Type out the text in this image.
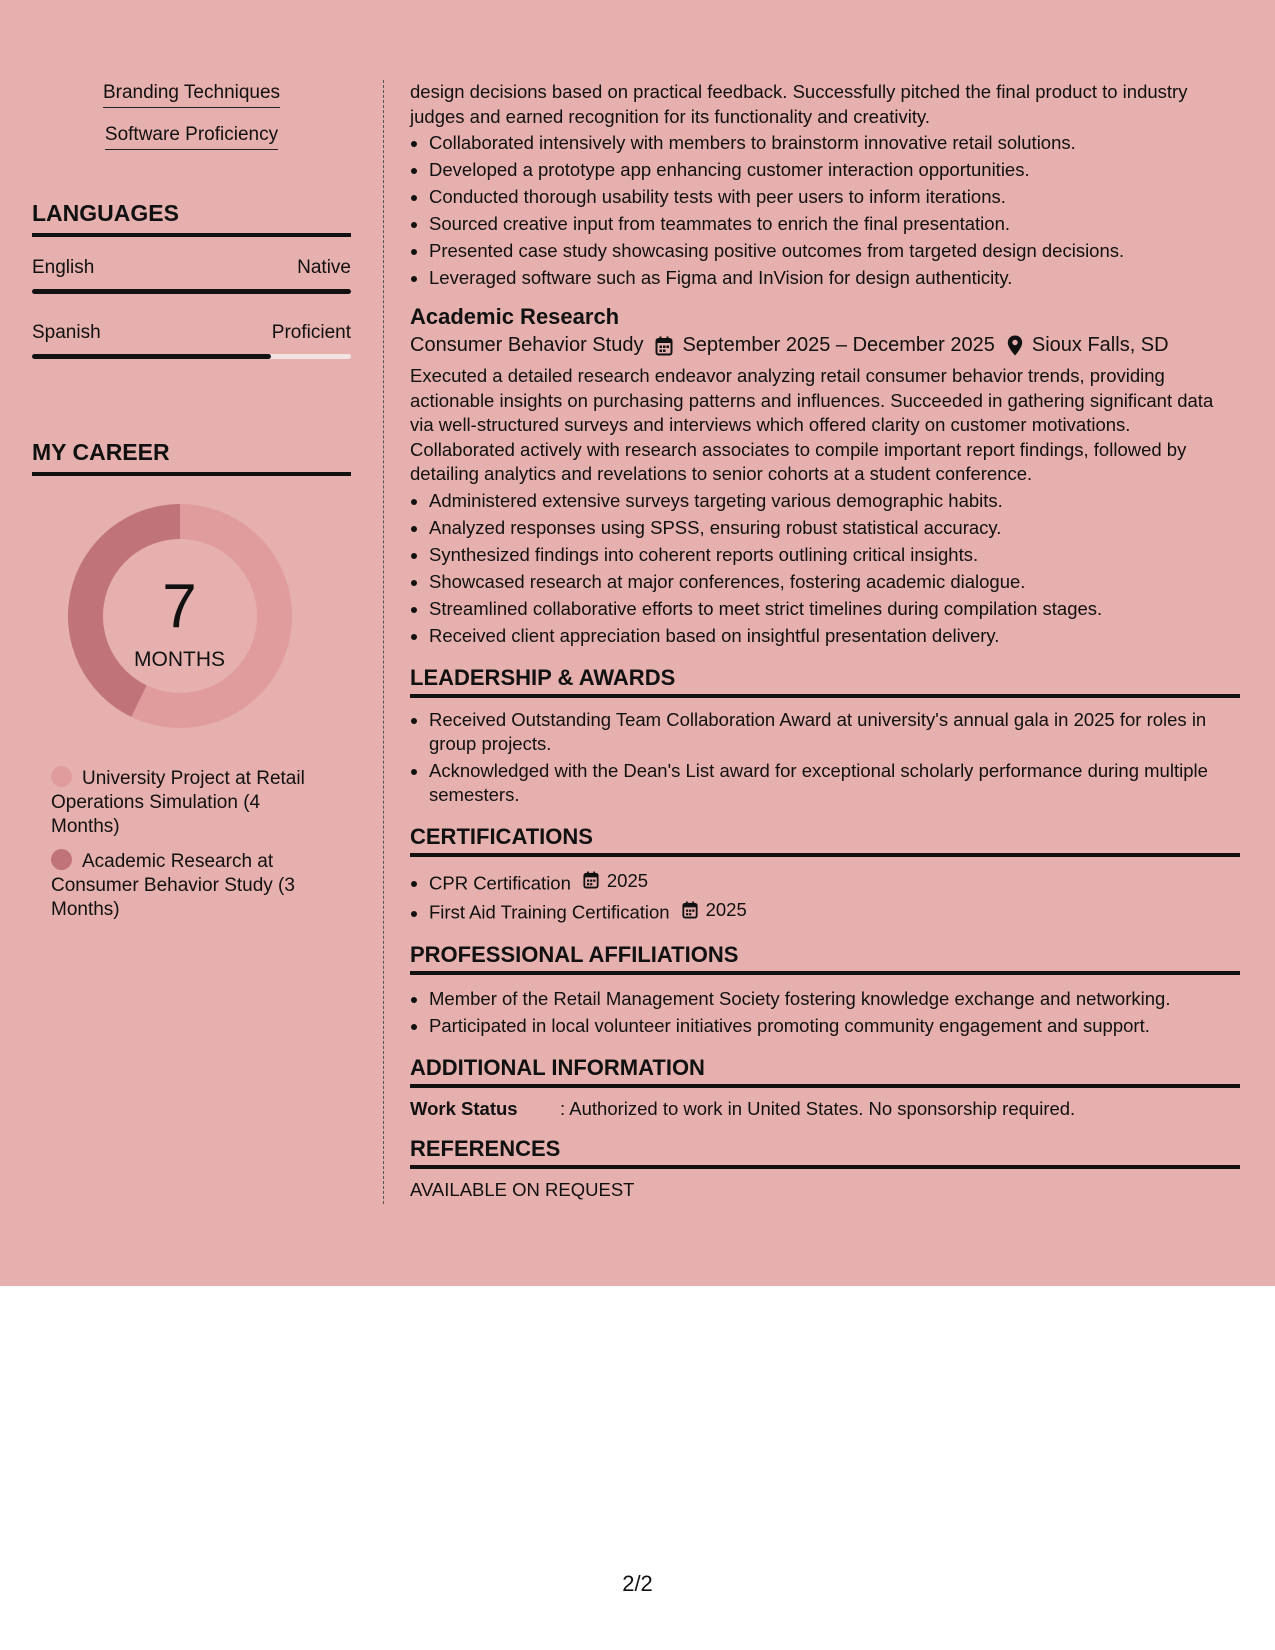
Branding Techniques
Software Proficiency
LANGUAGES
English	Native
Spanish	Proficient
MY CAREER
7
MONTHS
University Project at Retail Operations Simulation (4 Months)
Academic Research at Consumer Behavior Study (3 Months)

design decisions based on practical feedback. Successfully pitched the final product to industry judges and earned recognition for its functionality and creativity.

• Collaborated intensively with members to brainstorm innovative retail solutions.
• Developed a prototype app enhancing customer interaction opportunities.
• Conducted thorough usability tests with peer users to inform iterations.
• Sourced creative input from teammates to enrich the final presentation.
• Presented case study showcasing positive outcomes from targeted design decisions.
• Leveraged software such as Figma and InVision for design authenticity.
Academic Research
Consumer Behavior Study September 2025 – December 2025 Sioux Falls, SD

Executed a detailed research endeavor analyzing retail consumer behavior trends, providing actionable insights on purchasing patterns and influences. Succeeded in gathering significant data via well-structured surveys and interviews which offered clarity on customer motivations. Collaborated actively with research associates to compile important report findings, followed by detailing analytics and revelations to senior cohorts at a student conference.

• Administered extensive surveys targeting various demographic habits.
• Analyzed responses using SPSS, ensuring robust statistical accuracy.
• Synthesized findings into coherent reports outlining critical insights.
• Showcased research at major conferences, fostering academic dialogue.
• Streamlined collaborative efforts to meet strict timelines during compilation stages.
• Received client appreciation based on insightful presentation delivery.
LEADERSHIP & AWARDS
• Received Outstanding Team Collaboration Award at university's annual gala in 2025 for roles in group projects.
• Acknowledged with the Dean's List award for exceptional scholarly performance during multiple semesters.
CERTIFICATIONS
• CPR Certification 2025
• First Aid Training Certification 2025
PROFESSIONAL AFFILIATIONS
• Member of the Retail Management Society fostering knowledge exchange and networking.
• Participated in local volunteer initiatives promoting community engagement and support.
ADDITIONAL INFORMATION
Work Status	: Authorized to work in United States. No sponsorship required.
REFERENCES
AVAILABLE ON REQUEST
2/2
